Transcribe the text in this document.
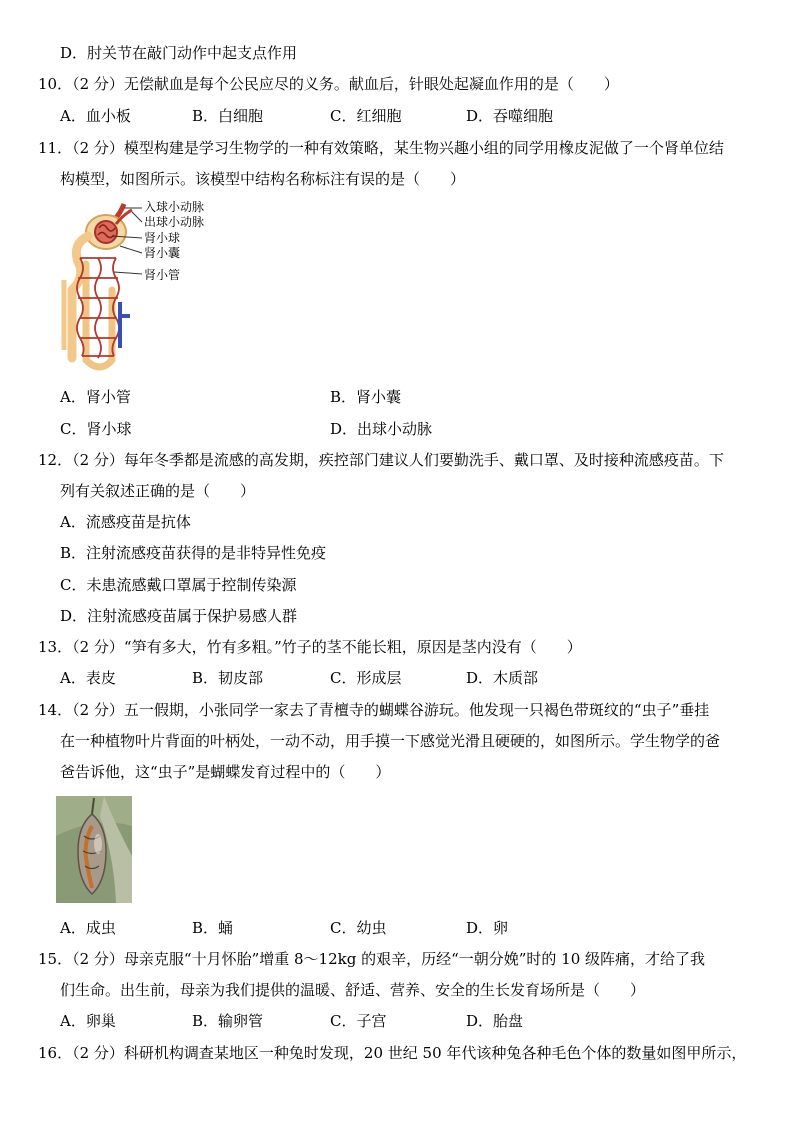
D．肘关节在敲门动作中起支点作用
10．（2 分）无偿献血是每个公民应尽的义务。献血后，针眼处起凝血作用的是（　　）
A．血小板	B．白细胞	C．红细胞	D．吞噬细胞
11．（2 分）模型构建是学习生物学的一种有效策略，某生物兴趣小组的同学用橡皮泥做了一个肾单位结
构模型，如图所示。该模型中结构名称标注有误的是（　　）
入球小动脉
出球小动脉
肾小球
肾小囊
肾小管
A．肾小管	B．肾小囊
C．肾小球	D．出球小动脉
12．（2 分）每年冬季都是流感的高发期，疾控部门建议人们要勤洗手、戴口罩、及时接种流感疫苗。下
列有关叙述正确的是（　　）
A．流感疫苗是抗体
B．注射流感疫苗获得的是非特异性免疫
C．未患流感戴口罩属于控制传染源
D．注射流感疫苗属于保护易感人群
13．（2 分）“笋有多大，竹有多粗。”竹子的茎不能长粗，原因是茎内没有（　　）
A．表皮	B．韧皮部	C．形成层	D．木质部
14．（2 分）五一假期，小张同学一家去了青檀寺的蝴蝶谷游玩。他发现一只褐色带斑纹的“虫子”垂挂
在一种植物叶片背面的叶柄处，一动不动，用手摸一下感觉光滑且硬硬的，如图所示。学生物学的爸
爸告诉他，这“虫子”是蝴蝶发育过程中的（　　）
A．成虫	B．蛹	C．幼虫	D．卵
15．（2 分）母亲克服“十月怀胎”增重 8～12kg 的艰辛，历经“一朝分娩”时的 10 级阵痛，才给了我
们生命。出生前，母亲为我们提供的温暖、舒适、营养、安全的生长发育场所是（　　）
A．卵巢	B．输卵管	C．子宫	D．胎盘
16．（2 分）科研机构调查某地区一种兔时发现，20 世纪 50 年代该种兔各种毛色个体的数量如图甲所示，
